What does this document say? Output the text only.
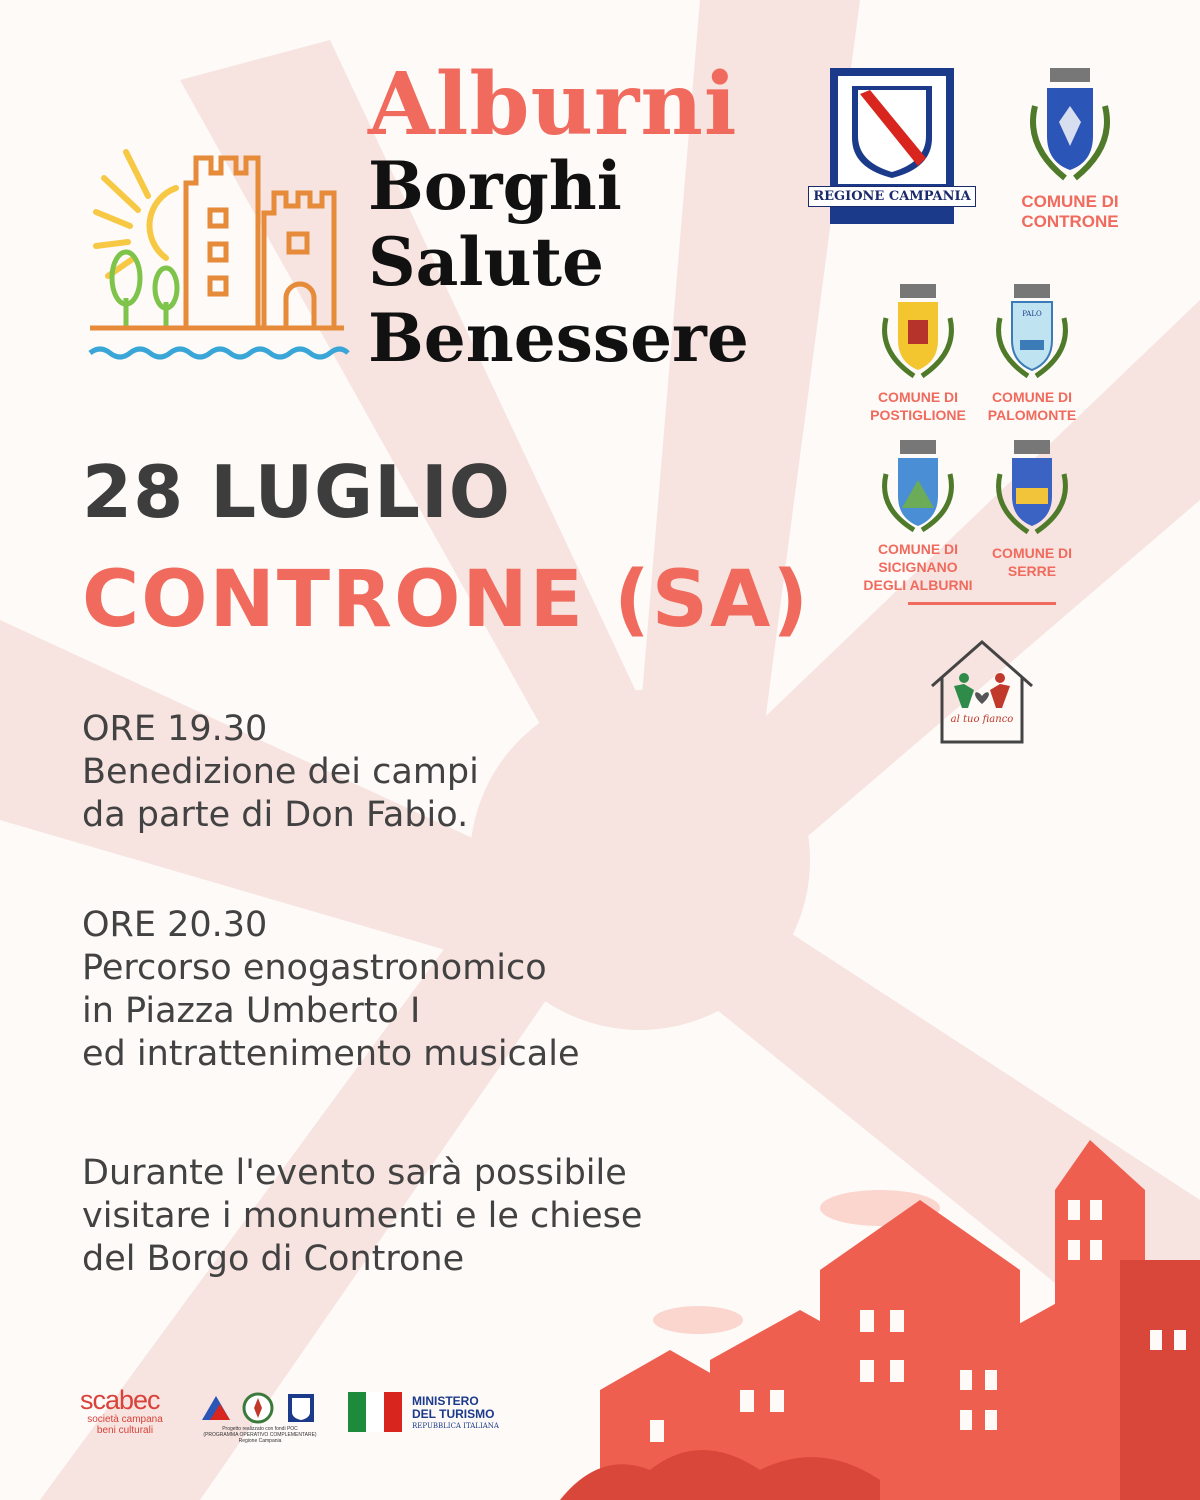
Alburni
Borghi
Salute
Benessere
REGIONE CAMPANIA	COMUNE DI
CONTRONE
COMUNE DI
POSTIGLIONE
PALO
COMUNE DI
PALOMONTE
COMUNE DI
SICIGNANO
DEGLI ALBURNI
COMUNE DI
SERRE
al tuo fianco
28 LUGLIO
CONTRONE (SA)
ORE 19.30
Benedizione dei campi
da parte di Don Fabio.
ORE 20.30
Percorso enogastronomico
in Piazza Umberto I
ed intrattenimento musicale
Durante l'evento sarà possibile
visitare i monumenti e le chiese
del Borgo di Controne
scabec
società campana
beni culturali	Progetto realizzato con fondi POC
(PROGRAMMA OPERATIVO COMPLEMENTARE)
Regione Campania
MINISTERO
DEL TURISMO
REPUBBLICA ITALIANA
